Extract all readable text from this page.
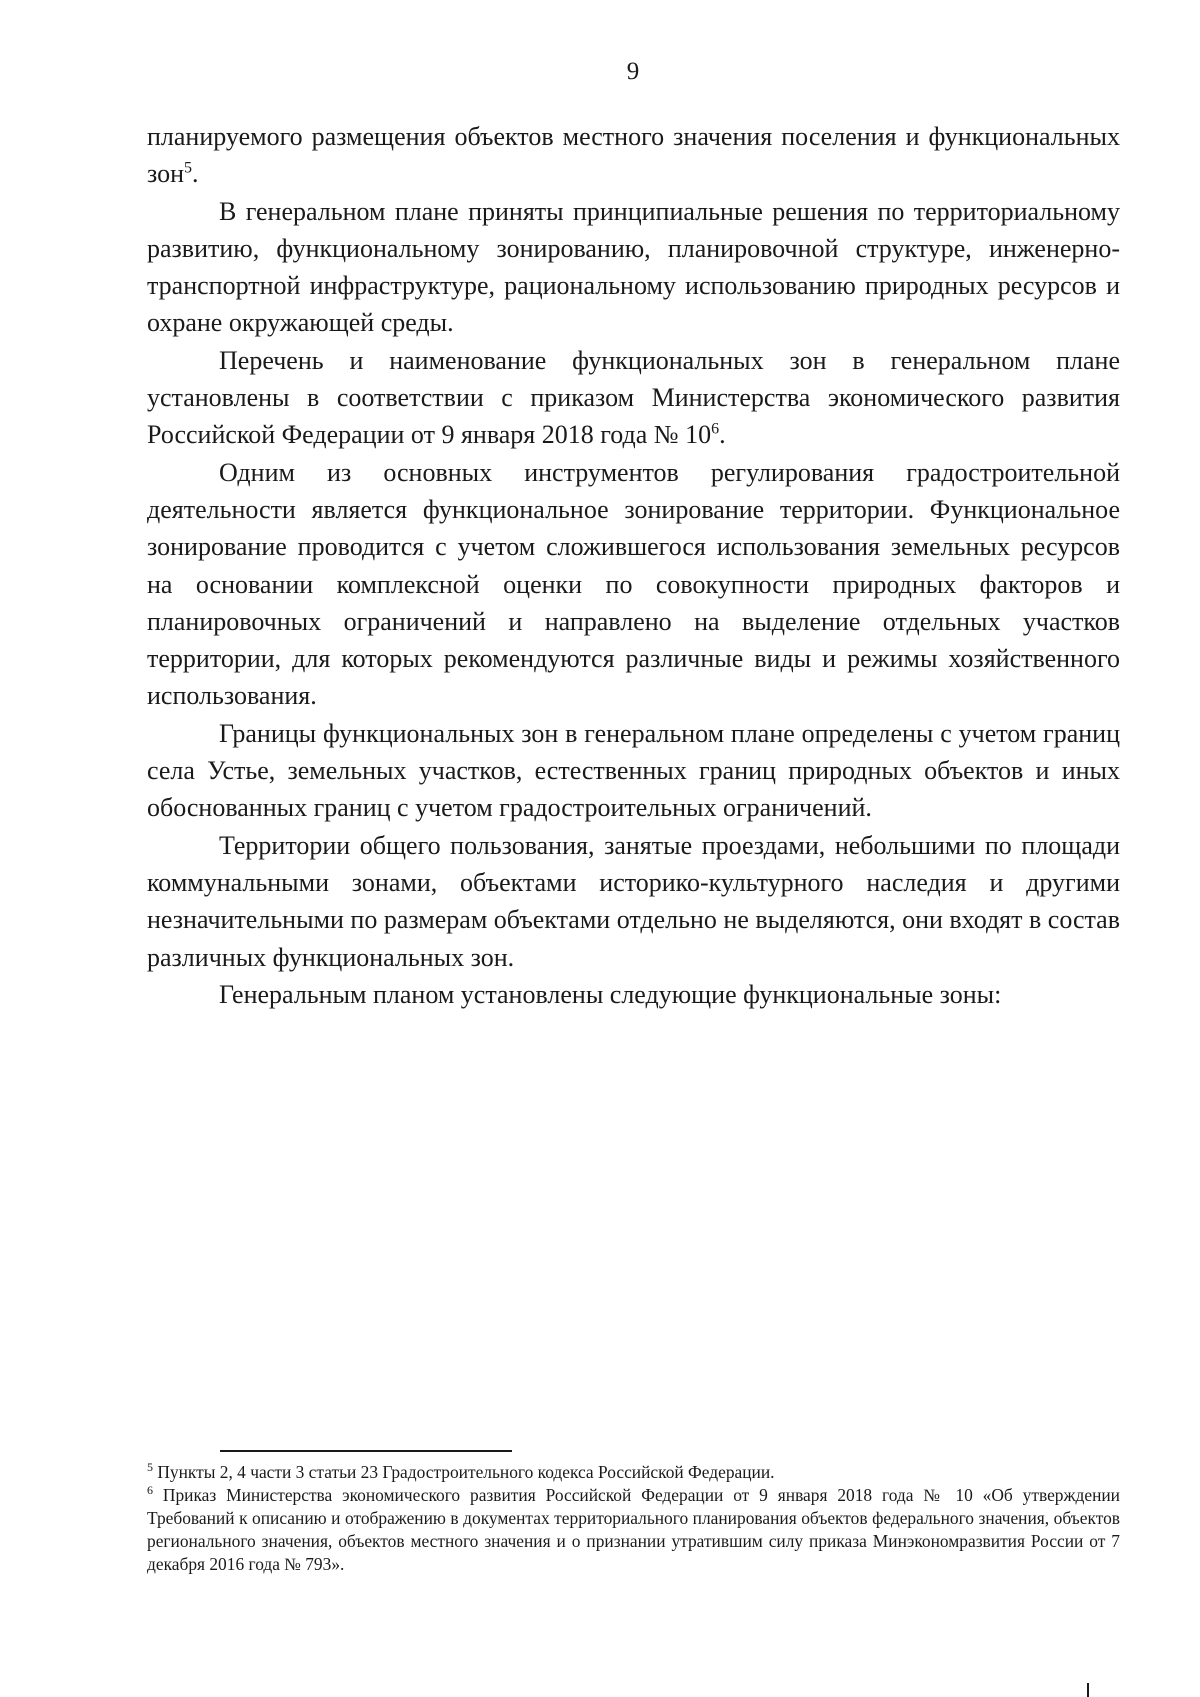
9

планируемого размещения объектов местного значения поселения и функциональных зон$^5$.

В генеральном плане приняты принципиальные решения по территориальному развитию, функциональному зонированию, планировочной структуре, инженерно-транспортной инфраструктуре, рациональному использованию природных ресурсов и охране окружающей среды.

Перечень и наименование функциональных зон в генеральном плане установлены в соответствии с приказом Министерства экономического развития Российской Федерации от 9 января 2018 года № $10^6$.

Одним из основных инструментов регулирования градостроительной деятельности является функциональное зонирование территории. Функциональное зонирование проводится с учетом сложившегося использования земельных ресурсов на основании комплексной оценки по совокупности природных факторов и планировочных ограничений и направлено на выделение отдельных участков территории, для которых рекомендуются различные виды и режимы хозяйственного использования.

Границы функциональных зон в генеральном плане определены с учетом границ села Устье, земельных участков, естественных границ природных объектов и иных обоснованных границ с учетом градостроительных ограничений.

Территории общего пользования, занятые проездами, небольшими по площади коммунальными зонами, объектами историко-культурного наследия и другими незначительными по размерам объектами отдельно не выделяются, они входят в состав различных функциональных зон.

Генеральным планом установлены следующие функциональные зоны:

$^5$ Пункты 2, 4 части 3 статьи 23 Градостроительного кодекса Российской Федерации.

$^6$ Приказ Министерства экономического развития Российской Федерации от 9 января 2018 года № 10 «Об утверждении Требований к описанию и отображению в документах территориального планирования объектов федерального значения, объектов регионального значения, объектов местного значения и о признании утратившим силу приказа Минэкономразвития России от 7 декабря 2016 года № 793».
